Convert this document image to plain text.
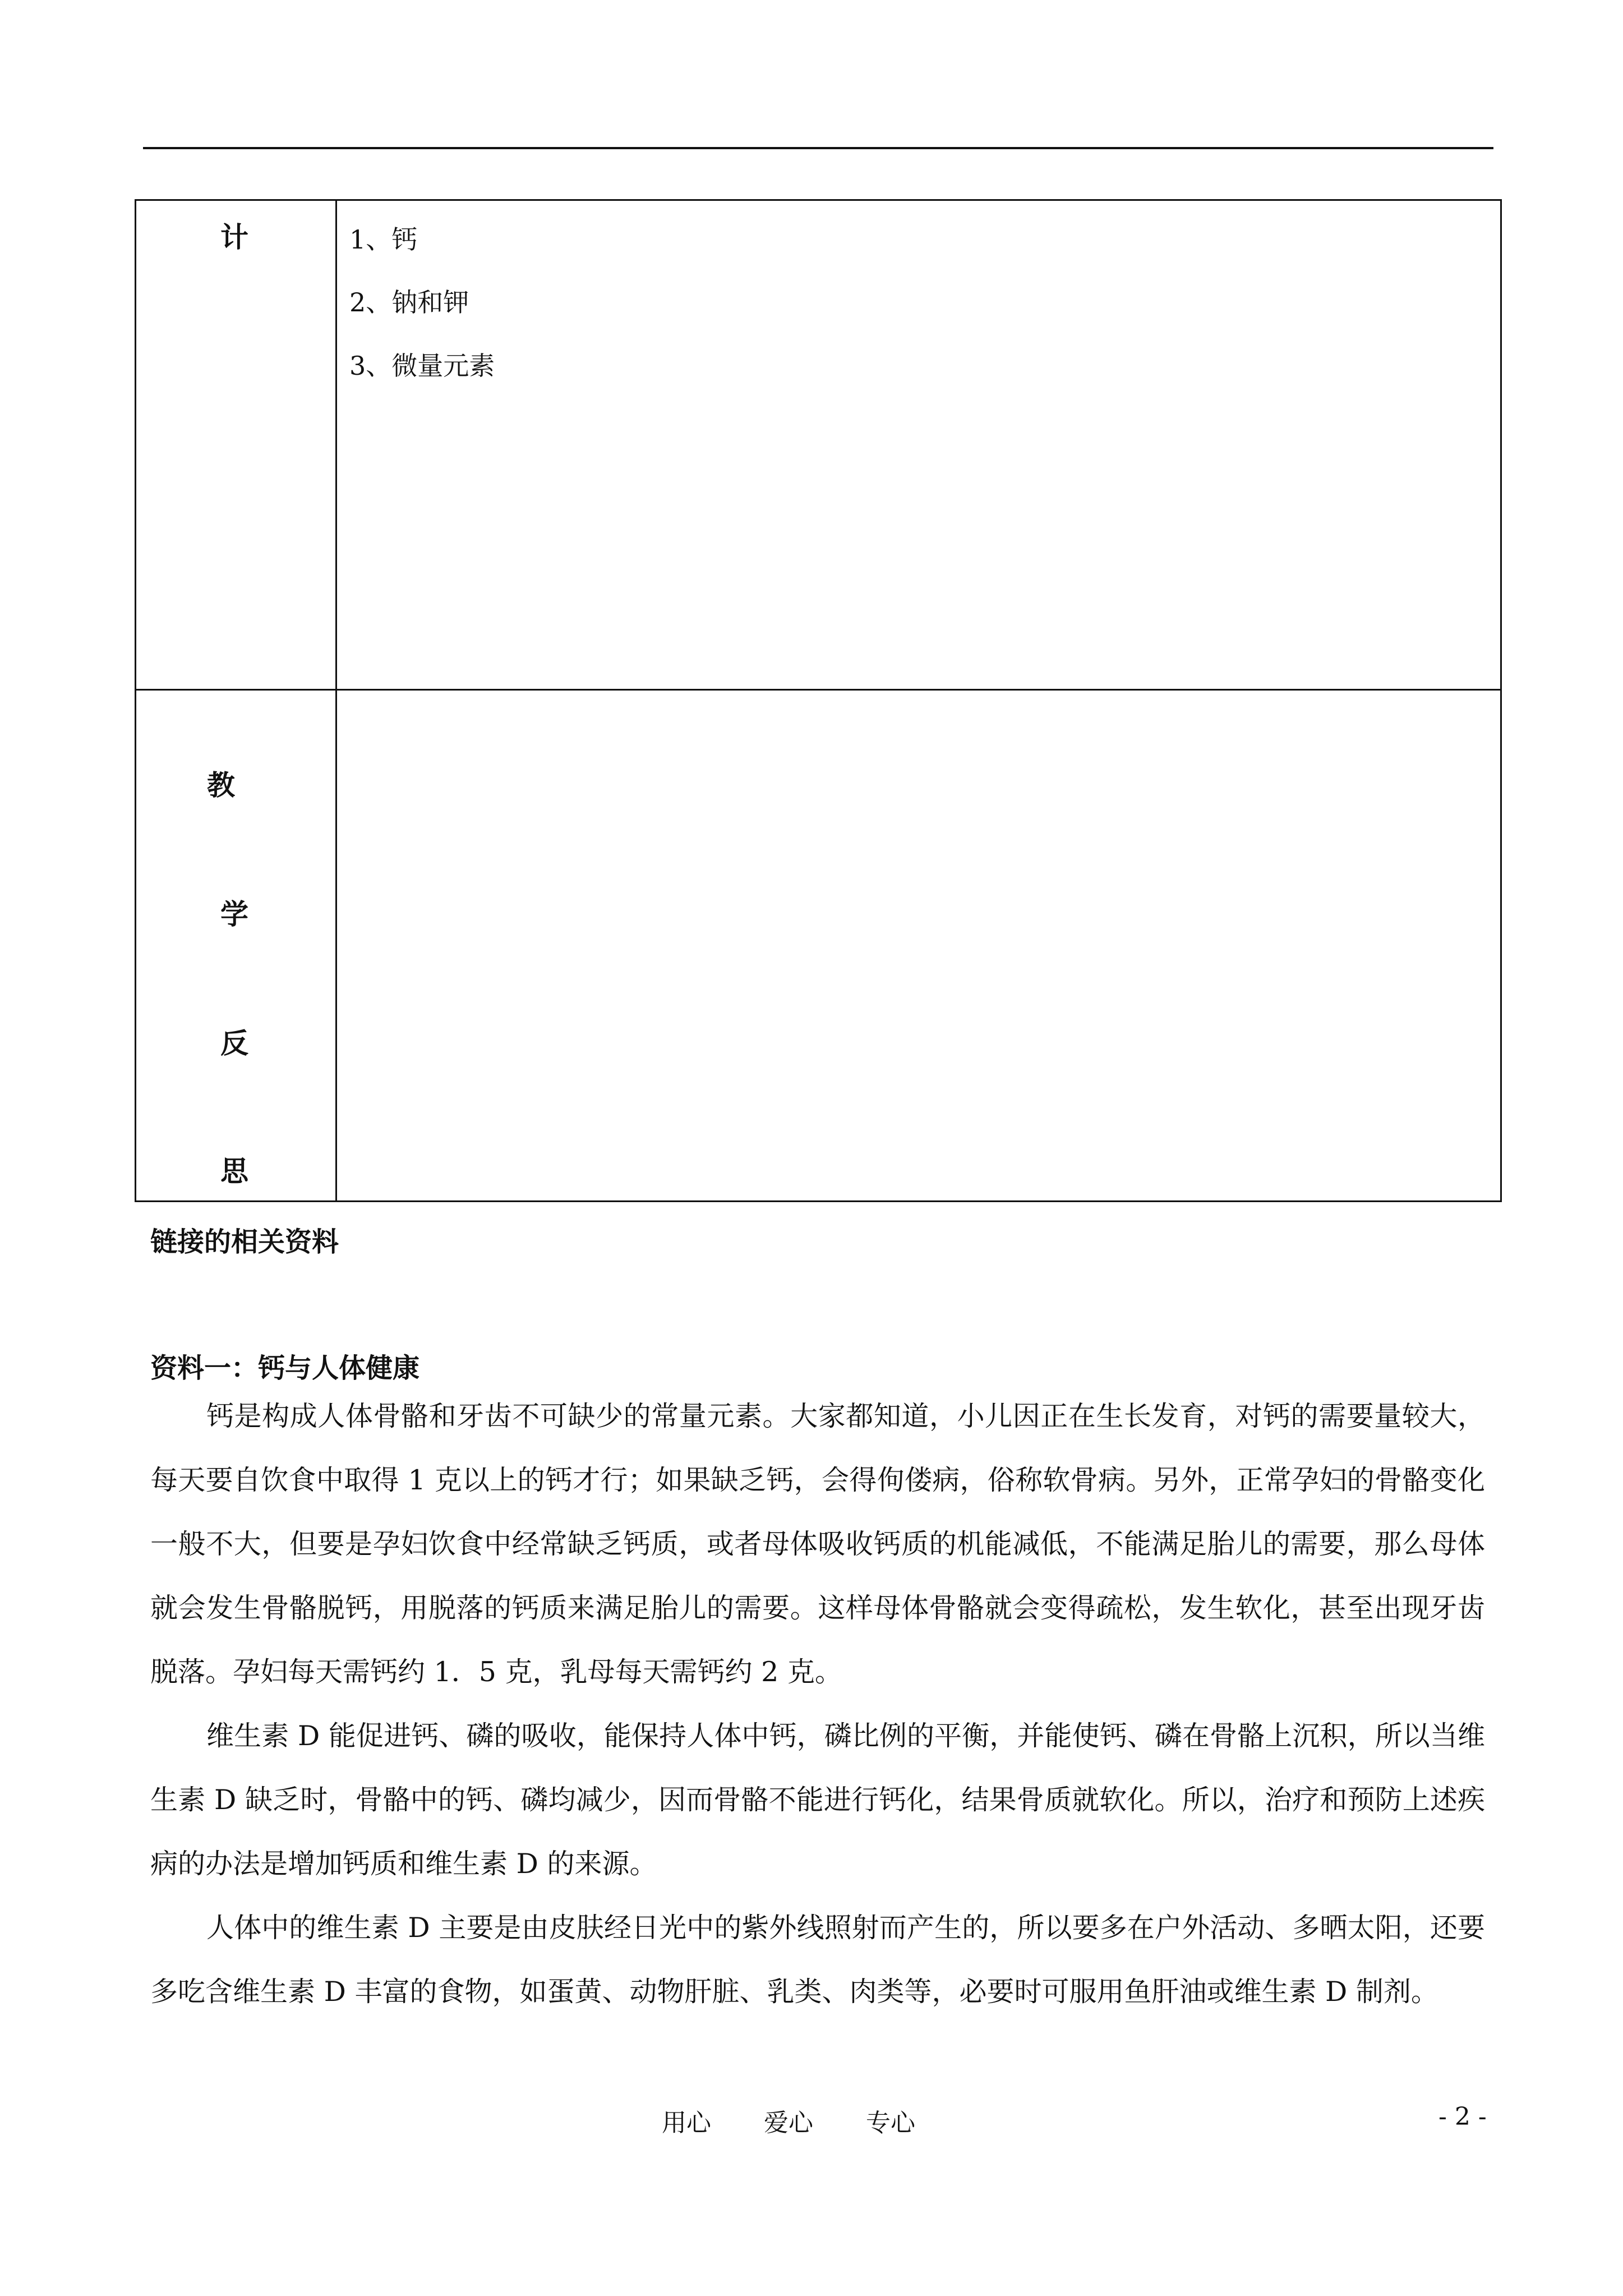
计	1、钙
2、钠和钾
3、微量元素
教
学
反
思
链接的相关资料
资料一：钙与人体健康

钙是构成人体骨骼和牙齿不可缺少的常量元素。大家都知道，小儿因正在生长发育，对钙的需要量较大，每天要自饮食中取得 1 克以上的钙才行；如果缺乏钙，会得佝偻病，俗称软骨病。另外，正常孕妇的骨骼变化一般不大，但要是孕妇饮食中经常缺乏钙质，或者母体吸收钙质的机能减低，不能满足胎儿的需要，那么母体就会发生骨骼脱钙，用脱落的钙质来满足胎儿的需要。这样母体骨骼就会变得疏松，发生软化，甚至出现牙齿脱落。孕妇每天需钙约 1．5 克，乳母每天需钙约 2 克。

维生素 D 能促进钙、磷的吸收，能保持人体中钙，磷比例的平衡，并能使钙、磷在骨骼上沉积，所以当维生素 D 缺乏时，骨骼中的钙、磷均减少，因而骨骼不能进行钙化，结果骨质就软化。所以，治疗和预防上述疾病的办法是增加钙质和维生素 D 的来源。

人体中的维生素 D 主要是由皮肤经日光中的紫外线照射而产生的，所以要多在户外活动、多晒太阳，还要多吃含维生素 D 丰富的食物，如蛋黄、动物肝脏、乳类、肉类等，必要时可服用鱼肝油或维生素 D 制剂。

用心 爱心 专心	- 2 -
